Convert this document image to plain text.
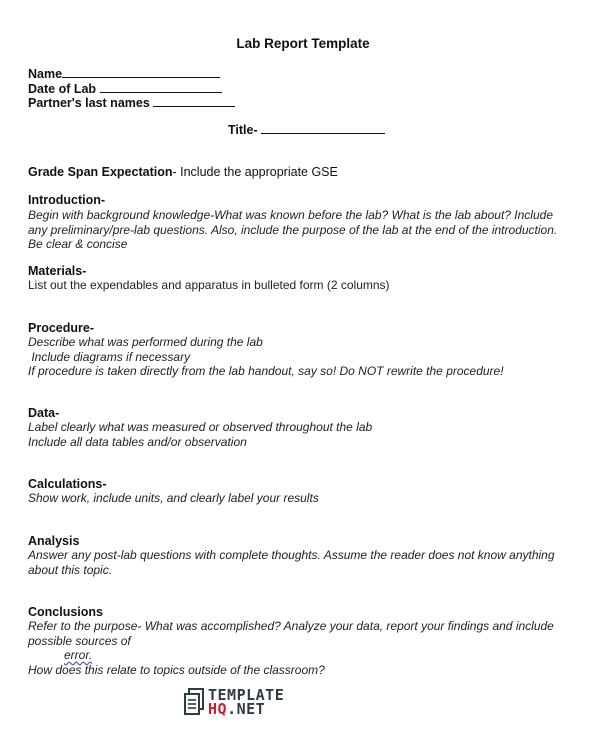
Lab Report Template
Name
Date of Lab
Partner's last names
Title-
Grade Span Expectation- Include the appropriate GSE
Introduction-
Begin with background knowledge-What was known before the lab? What is the lab about? Include
any preliminary/pre-lab questions. Also, include the purpose of the lab at the end of the introduction.
Be clear & concise
Materials-
List out the expendables and apparatus in bulleted form (2 columns)
Procedure-
Describe what was performed during the lab
Include diagrams if necessary
If procedure is taken directly from the lab handout, say so! Do NOT rewrite the procedure!
Data-
Label clearly what was measured or observed throughout the lab
Include all data tables and/or observation
Calculations-
Show work, include units, and clearly label your results
Analysis
Answer any post-lab questions with complete thoughts. Assume the reader does not know anything
about this topic.
Conclusions
Refer to the purpose- What was accomplished? Analyze your data, report your findings and include
possible sources of
error.
How does this relate to topics outside of the classroom?
TEMPLATE
HQ.NET
